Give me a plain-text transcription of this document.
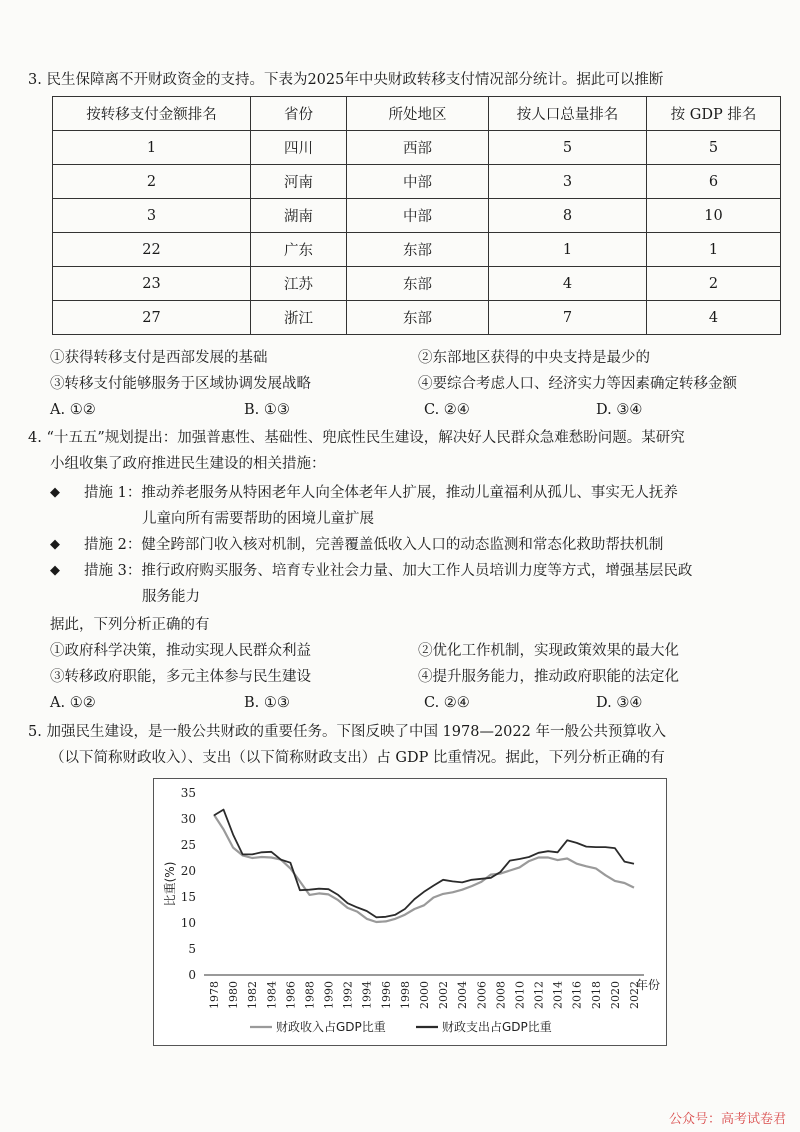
3. 民生保障离不开财政资金的支持。下表为2025年中央财政转移支付情况部分统计。据此可以推断
按转移支付金额排名	省份	所处地区	按人口总量排名	按 GDP 排名
1	四川	西部	5	5
2	河南	中部	3	6
3	湖南	中部	8	10
22	广东	东部	1	1
23	江苏	东部	4	2
27	浙江	东部	7	4
①获得转移支付是西部发展的基础	②东部地区获得的中央支持是最少的
③转移支付能够服务于区域协调发展战略	④要综合考虑人口、经济实力等因素确定转移金额
A. ①②	B. ①③	C. ②④	D. ③④
4. “十五五”规划提出：加强普惠性、基础性、兜底性民生建设，解决好人民群众急难愁盼问题。某研究
小组收集了政府推进民生建设的相关措施：
◆ 措施 1：推动养老服务从特困老年人向全体老年人扩展，推动儿童福利从孤儿、事实无人抚养
儿童向所有需要帮助的困境儿童扩展
◆ 措施 2：健全跨部门收入核对机制，完善覆盖低收入人口的动态监测和常态化救助帮扶机制
◆ 措施 3：推行政府购买服务、培育专业社会力量、加大工作人员培训力度等方式，增强基层民政
服务能力
据此，下列分析正确的有
①政府科学决策，推动实现人民群众利益	②优化工作机制，实现政策效果的最大化
③转移政府职能，多元主体参与民生建设	④提升服务能力，推动政府职能的法定化
A. ①②	B. ①③	C. ②④	D. ③④
5. 加强民生建设，是一般公共财政的重要任务。下图反映了中国 1978—2022 年一般公共预算收入
（以下简称财政收入）、支出（以下简称财政支出）占 GDP 比重情况。据此，下列分析正确的有
0
5
10
15
20
25
30
35
比重(%)
1978 1980 1982 1984 1986 1988 1990 1992 1994 1996 1998 2000 2002 2004 2006 2008 2010 2012 2014 2016 2018 2020 2022
年份
财政收入占GDP比重	财政支出占GDP比重
公众号：高考试卷君
